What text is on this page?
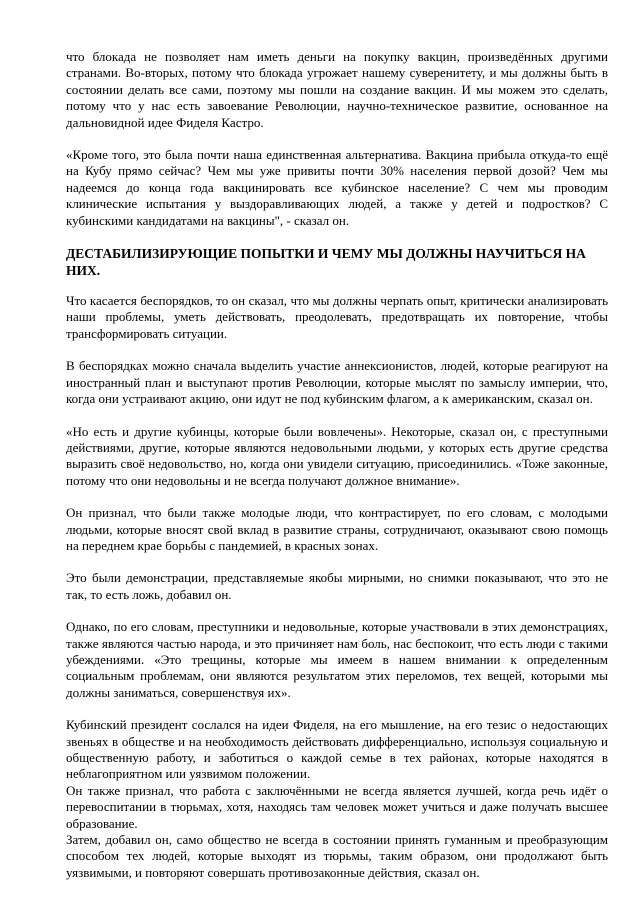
что блокада не позволяет нам иметь деньги на покупку вакцин, произведённых другими странами. Во-вторых, потому что блокада угрожает нашему суверенитету, и мы должны быть в состоянии делать все сами, поэтому мы пошли на создание вакцин. И мы можем это сделать, потому что у нас есть завоевание Революции, научно-техническое развитие, основанное на дальновидной идее Фиделя Кастро.

«Кроме того, это была почти наша единственная альтернатива. Вакцина прибыла откуда-то ещё на Кубу прямо сейчас? Чем мы уже привиты почти 30% населения первой дозой? Чем мы надеемся до конца года вакцинировать все кубинское население? С чем мы проводим клинические испытания у выздоравливающих людей, а также у детей и подростков? С кубинскими кандидатами на вакцины", - сказал он.

ДЕСТАБИЛИЗИРУЮЩИЕ ПОПЫТКИ И ЧЕМУ МЫ ДОЛЖНЫ НАУЧИТЬСЯ НА НИХ.

Что касается беспорядков, то он сказал, что мы должны черпать опыт, критически анализировать наши проблемы, уметь действовать, преодолевать, предотвращать их повторение, чтобы трансформировать ситуации.

В беспорядках можно сначала выделить участие аннексионистов, людей, которые реагируют на иностранный план и выступают против Революции, которые мыслят по замыслу империи, что, когда они устраивают акцию, они идут не под кубинским флагом, а к американским, сказал он.

«Но есть и другие кубинцы, которые были вовлечены». Некоторые, сказал он, с преступными действиями, другие, которые являются недовольными людьми, у которых есть другие средства выразить своё недовольство, но, когда они увидели ситуацию, присоединились. «Тоже законные, потому что они недовольны и не всегда получают должное внимание».

Он признал, что были также молодые люди, что контрастирует, по его словам, с молодыми людьми, которые вносят свой вклад в развитие страны, сотрудничают, оказывают свою помощь на переднем крае борьбы с пандемией, в красных зонах.

Это были демонстрации, представляемые якобы мирными, но снимки показывают, что это не так, то есть ложь, добавил он.

Однако, по его словам, преступники и недовольные, которые участвовали в этих демонстрациях, также являются частью народа, и это причиняет нам боль, нас беспокоит, что есть люди с такими убеждениями. «Это трещины, которые мы имеем в нашем внимании к определенным социальным проблемам, они являются результатом этих переломов, тех вещей, которыми мы должны заниматься, совершенствуя их».

Кубинский президент сослался на идеи Фиделя, на его мышление, на его тезис о недостающих звеньях в обществе и на необходимость действовать дифференциально, используя социальную и общественную работу, и заботиться о каждой семье в тех районах, которые находятся в неблагоприятном или уязвимом положении.

Он также признал, что работа с заключёнными не всегда является лучшей, когда речь идёт о перевоспитании в тюрьмах, хотя, находясь там человек может учиться и даже получать высшее образование.

Затем, добавил он, само общество не всегда в состоянии принять гуманным и преобразующим способом тех людей, которые выходят из тюрьмы, таким образом, они продолжают быть уязвимыми, и повторяют совершать противозаконные действия, сказал он.
